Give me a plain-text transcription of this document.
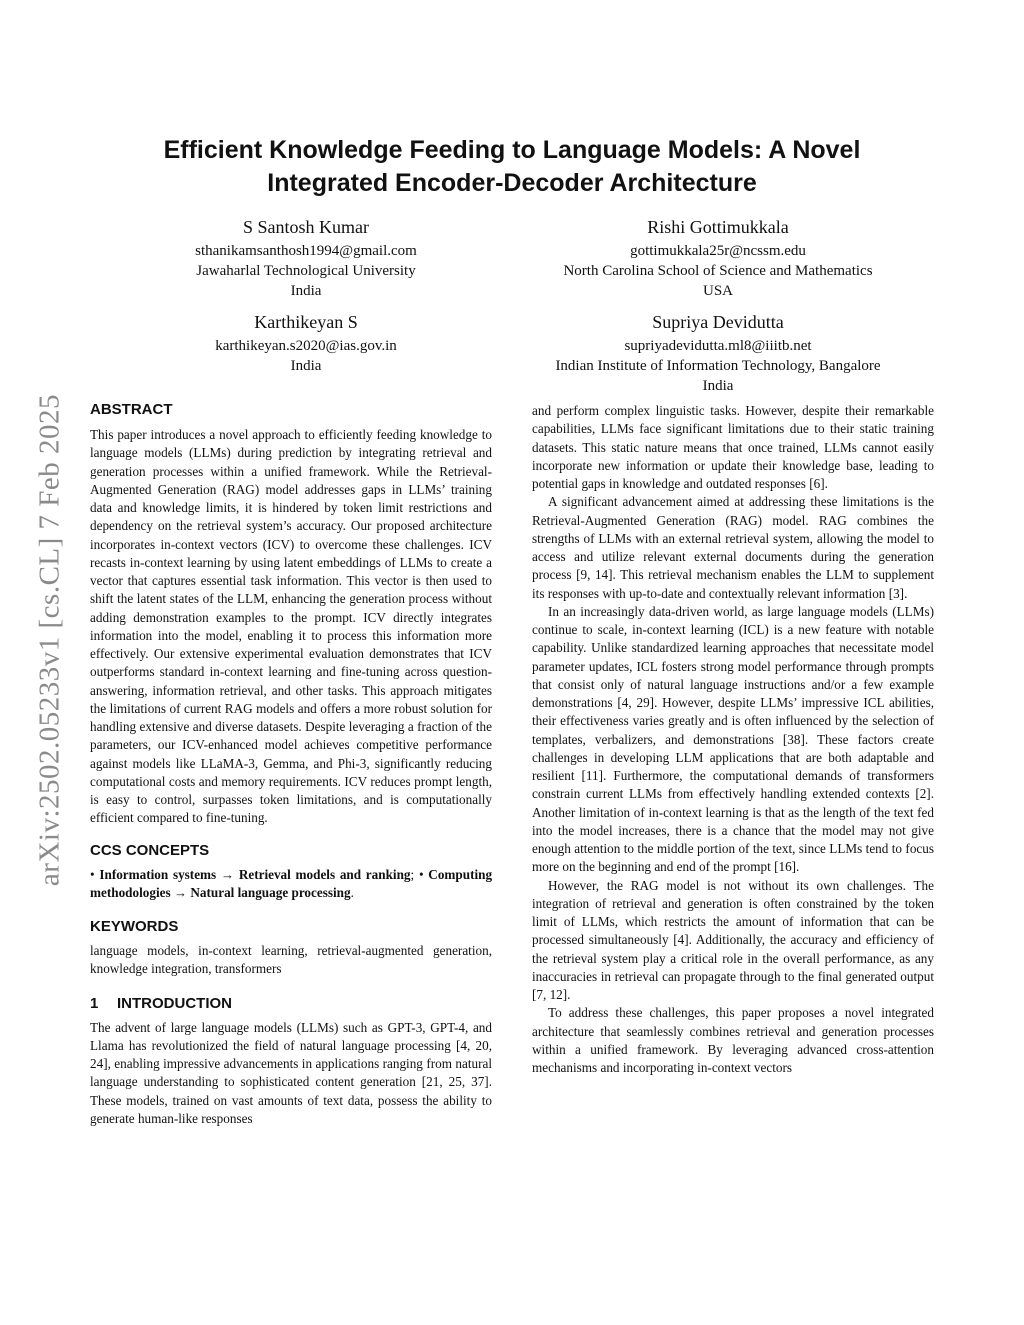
arXiv:2502.05233v1 [cs.CL] 7 Feb 2025
Efficient Knowledge Feeding to Language Models: A Novel
Integrated Encoder-Decoder Architecture
S Santosh Kumar
sthanikamsanthosh1994@gmail.com
Jawaharlal Technological University
India
Rishi Gottimukkala
gottimukkala25r@ncssm.edu
North Carolina School of Science and Mathematics
USA
Karthikeyan S
karthikeyan.s2020@ias.gov.in
India
Supriya Devidutta
supriyadevidutta.ml8@iiitb.net
Indian Institute of Information Technology, Bangalore
India
ABSTRACT

This paper introduces a novel approach to efficiently feeding knowledge to language models (LLMs) during prediction by integrating retrieval and generation processes within a unified framework. While the Retrieval-Augmented Generation (RAG) model addresses gaps in LLMs’ training data and knowledge limits, it is hindered by token limit restrictions and dependency on the retrieval system’s accuracy. Our proposed architecture incorporates in-context vectors (ICV) to overcome these challenges. ICV recasts in-context learning by using latent embeddings of LLMs to create a vector that captures essential task information. This vector is then used to shift the latent states of the LLM, enhancing the generation process without adding demonstration examples to the prompt. ICV directly integrates information into the model, enabling it to process this information more effectively. Our extensive experimental evaluation demonstrates that ICV outperforms standard in-context learning and fine-tuning across question-answering, information retrieval, and other tasks. This approach mitigates the limitations of current RAG models and offers a more robust solution for handling extensive and diverse datasets. Despite leveraging a fraction of the parameters, our ICV-enhanced model achieves competitive performance against models like LLaMA-3, Gemma, and Phi-3, significantly reducing computational costs and memory requirements. ICV reduces prompt length, is easy to control, surpasses token limitations, and is computationally efficient compared to fine-tuning.

CCS CONCEPTS

• Information systems → Retrieval models and ranking; • Computing methodologies → Natural language processing.

KEYWORDS

language models, in-context learning, retrieval-augmented generation, knowledge integration, transformers

1 INTRODUCTION

The advent of large language models (LLMs) such as GPT-3, GPT-4, and Llama has revolutionized the field of natural language processing [4, 20, 24], enabling impressive advancements in applications ranging from natural language understanding to sophisticated content generation [21, 25, 37]. These models, trained on vast amounts of text data, possess the ability to generate human-like responses

and perform complex linguistic tasks. However, despite their remarkable capabilities, LLMs face significant limitations due to their static training datasets. This static nature means that once trained, LLMs cannot easily incorporate new information or update their knowledge base, leading to potential gaps in knowledge and outdated responses [6].

A significant advancement aimed at addressing these limitations is the Retrieval-Augmented Generation (RAG) model. RAG combines the strengths of LLMs with an external retrieval system, allowing the model to access and utilize relevant external documents during the generation process [9, 14]. This retrieval mechanism enables the LLM to supplement its responses with up-to-date and contextually relevant information [3].

In an increasingly data-driven world, as large language models (LLMs) continue to scale, in-context learning (ICL) is a new feature with notable capability. Unlike standardized learning approaches that necessitate model parameter updates, ICL fosters strong model performance through prompts that consist only of natural language instructions and/or a few example demonstrations [4, 29]. However, despite LLMs’ impressive ICL abilities, their effectiveness varies greatly and is often influenced by the selection of templates, verbalizers, and demonstrations [38]. These factors create challenges in developing LLM applications that are both adaptable and resilient [11]. Furthermore, the computational demands of transformers constrain current LLMs from effectively handling extended contexts [2]. Another limitation of in-context learning is that as the length of the text fed into the model increases, there is a chance that the model may not give enough attention to the middle portion of the text, since LLMs tend to focus more on the beginning and end of the prompt [16].

However, the RAG model is not without its own challenges. The integration of retrieval and generation is often constrained by the token limit of LLMs, which restricts the amount of information that can be processed simultaneously [4]. Additionally, the accuracy and efficiency of the retrieval system play a critical role in the overall performance, as any inaccuracies in retrieval can propagate through to the final generated output [7, 12].

To address these challenges, this paper proposes a novel integrated architecture that seamlessly combines retrieval and generation processes within a unified framework. By leveraging advanced cross-attention mechanisms and incorporating in-context vectors
